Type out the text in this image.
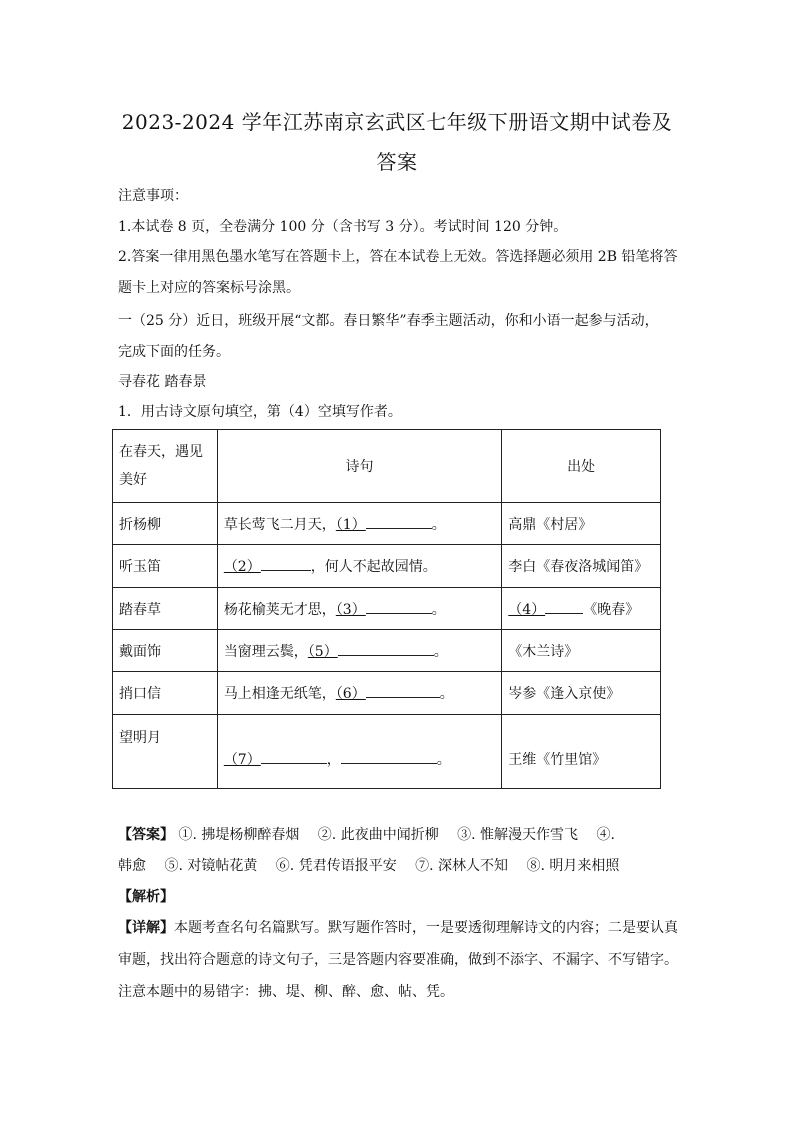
2023-2024 学年江苏南京玄武区七年级下册语文期中试卷及
答案
注意事项：
1.本试卷 8 页，全卷满分 100 分（含书写 3 分）。考试时间 120 分钟。
2.答案一律用黑色墨水笔写在答题卡上，答在本试卷上无效。答选择题必须用 2B 铅笔将答
题卡上对应的答案标号涂黑。
一（25 分）近日，班级开展“文都。春日繁华”春季主题活动，你和小语一起参与活动，
完成下面的任务。
寻春花 踏春景
1．用古诗文原句填空，第（4）空填写作者。
在春天，遇见
美好	诗句	出处
折杨柳	草长莺飞二月天，（1） 。	高鼎《村居》
听玉笛	（2） ，何人不起故园情。	李白《春夜洛城闻笛》
踏春草	杨花榆荚无才思，（3） 。	（4） 《晚春》
戴面饰	当窗理云鬓，（5） 。	《木兰诗》
捎口信	马上相逢无纸笔，（6） 。	岑参《逢入京使》
望明月	（7） ， 。	王维《竹里馆》
【答案】 ①. 拂堤杨柳醉春烟　 ②. 此夜曲中闻折柳　 ③. 惟解漫天作雪飞　 ④.
韩愈　 ⑤. 对镜帖花黄　 ⑥. 凭君传语报平安　 ⑦. 深林人不知　 ⑧. 明月来相照
【解析】
【详解】本题考查名句名篇默写。默写题作答时，一是要透彻理解诗文的内容；二是要认真
审题，找出符合题意的诗文句子，三是答题内容要准确，做到不添字、不漏字、不写错字。
注意本题中的易错字：拂、堤、柳、醉、愈、帖、凭。
